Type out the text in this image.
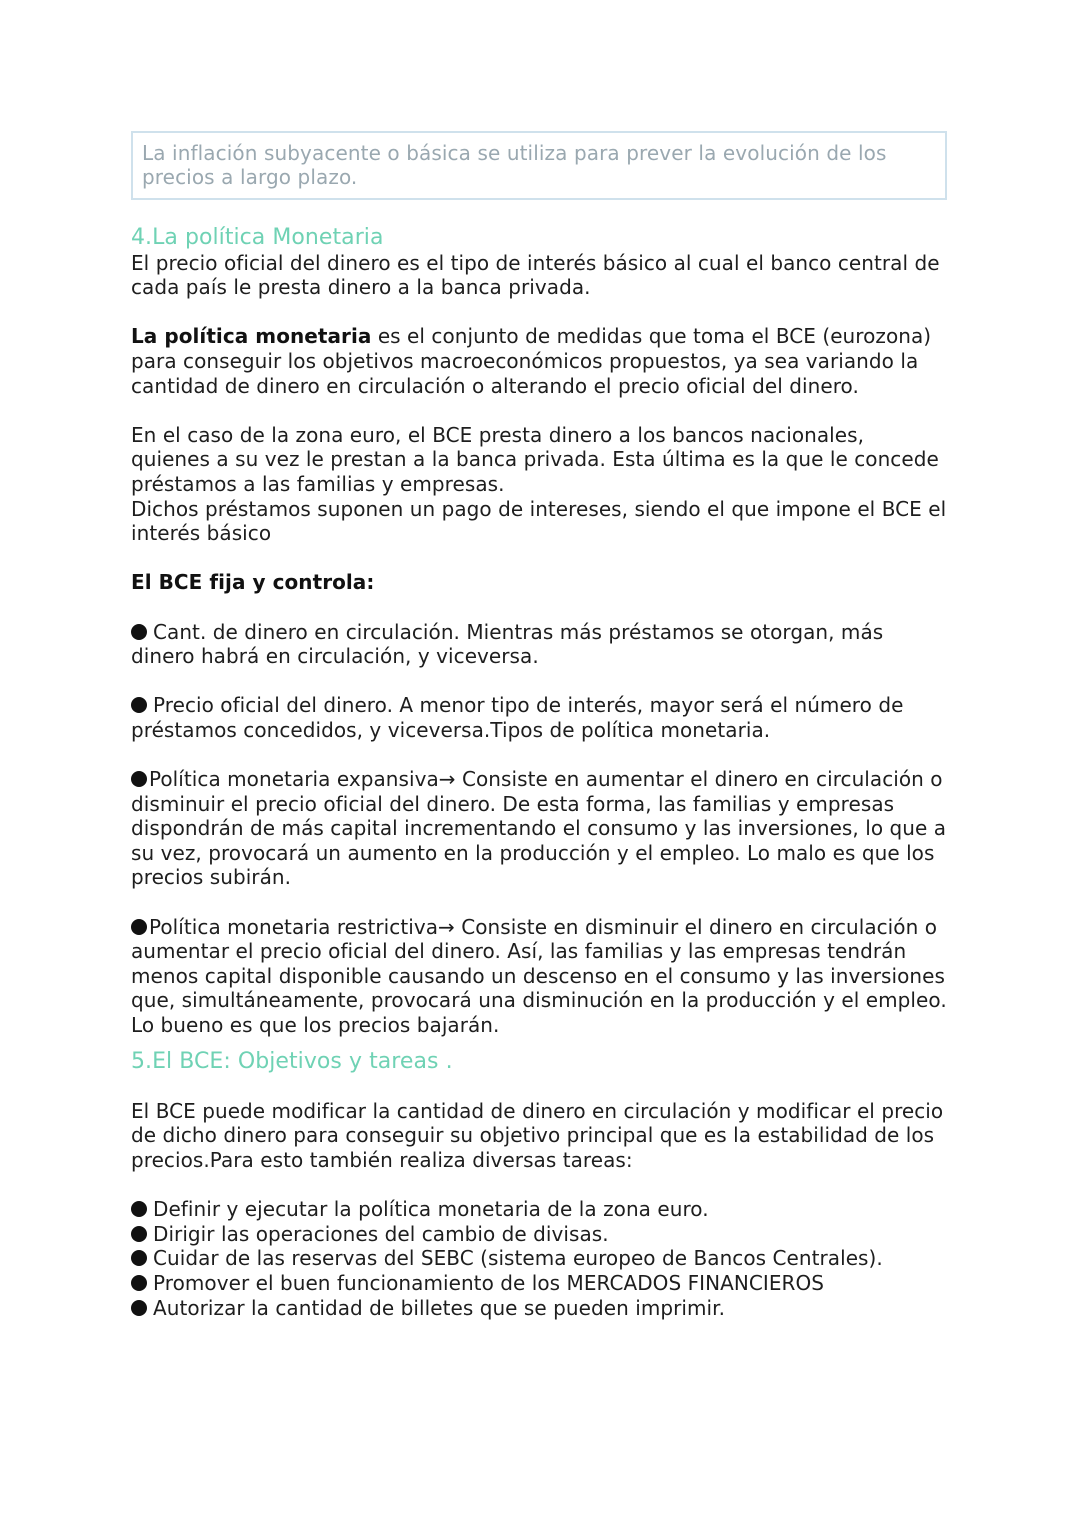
La inflación subyacente o básica se utiliza para prever la evolución de los precios a largo plazo.

4.La política Monetaria

El precio oficial del dinero es el tipo de interés básico al cual el banco central de cada país le presta dinero a la banca privada.

La política monetaria es el conjunto de medidas que toma el BCE (eurozona) para conseguir los objetivos macroeconómicos propuestos, ya sea variando la cantidad de dinero en circulación o alterando el precio oficial del dinero.

En el caso de la zona euro, el BCE presta dinero a los bancos nacionales, quienes a su vez le prestan a la banca privada. Esta última es la que le concede préstamos a las familias y empresas.

Dichos préstamos suponen un pago de intereses, siendo el que impone el BCE el interés básico

El BCE fija y controla:

Cant. de dinero en circulación. Mientras más préstamos se otorgan, más dinero habrá en circulación, y viceversa.

Precio oficial del dinero. A menor tipo de interés, mayor será el número de préstamos concedidos, y viceversa.Tipos de política monetaria.

Política monetaria expansiva→ Consiste en aumentar el dinero en circulación o disminuir el precio oficial del dinero. De esta forma, las familias y empresas dispondrán de más capital incrementando el consumo y las inversiones, lo que a su vez, provocará un aumento en la producción y el empleo. Lo malo es que los precios subirán.

Política monetaria restrictiva→ Consiste en disminuir el dinero en circulación o aumentar el precio oficial del dinero. Así, las familias y las empresas tendrán menos capital disponible causando un descenso en el consumo y las inversiones que, simultáneamente, provocará una disminución en la producción y el empleo. Lo bueno es que los precios bajarán.

5.El BCE: Objetivos y tareas .

El BCE puede modificar la cantidad de dinero en circulación y modificar el precio de dicho dinero para conseguir su objetivo principal que es la estabilidad de los precios.Para esto también realiza diversas tareas:

Definir y ejecutar la política monetaria de la zona euro.
Dirigir las operaciones del cambio de divisas.
Cuidar de las reservas del SEBC (sistema europeo de Bancos Centrales).
Promover el buen funcionamiento de los MERCADOS FINANCIEROS
Autorizar la cantidad de billetes que se pueden imprimir.
